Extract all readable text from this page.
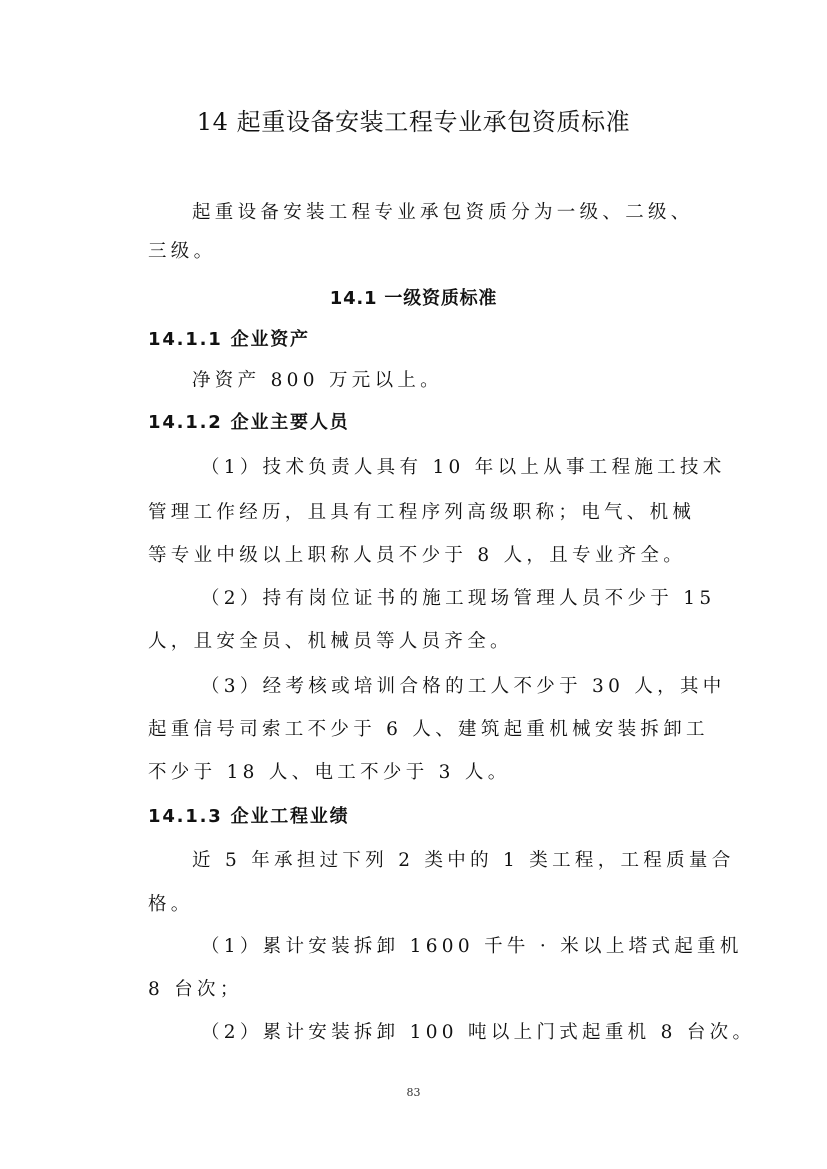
14 起重设备安装工程专业承包资质标准
起重设备安装工程专业承包资质分为一级、二级、
三级。
14.1 一级资质标准
14.1.1 企业资产
净资产 800 万元以上。
14.1.2 企业主要人员
（1）技术负责人具有 10 年以上从事工程施工技术
管理工作经历，且具有工程序列高级职称；电气、机械
等专业中级以上职称人员不少于 8 人，且专业齐全。
（2）持有岗位证书的施工现场管理人员不少于 15
人，且安全员、机械员等人员齐全。
（3）经考核或培训合格的工人不少于 30 人，其中
起重信号司索工不少于 6 人、建筑起重机械安装拆卸工
不少于 18 人、电工不少于 3 人。
14.1.3 企业工程业绩
近 5 年承担过下列 2 类中的 1 类工程，工程质量合
格。
（1）累计安装拆卸 1600 千牛 · 米以上塔式起重机
8 台次；
（2）累计安装拆卸 100 吨以上门式起重机 8 台次。
83
